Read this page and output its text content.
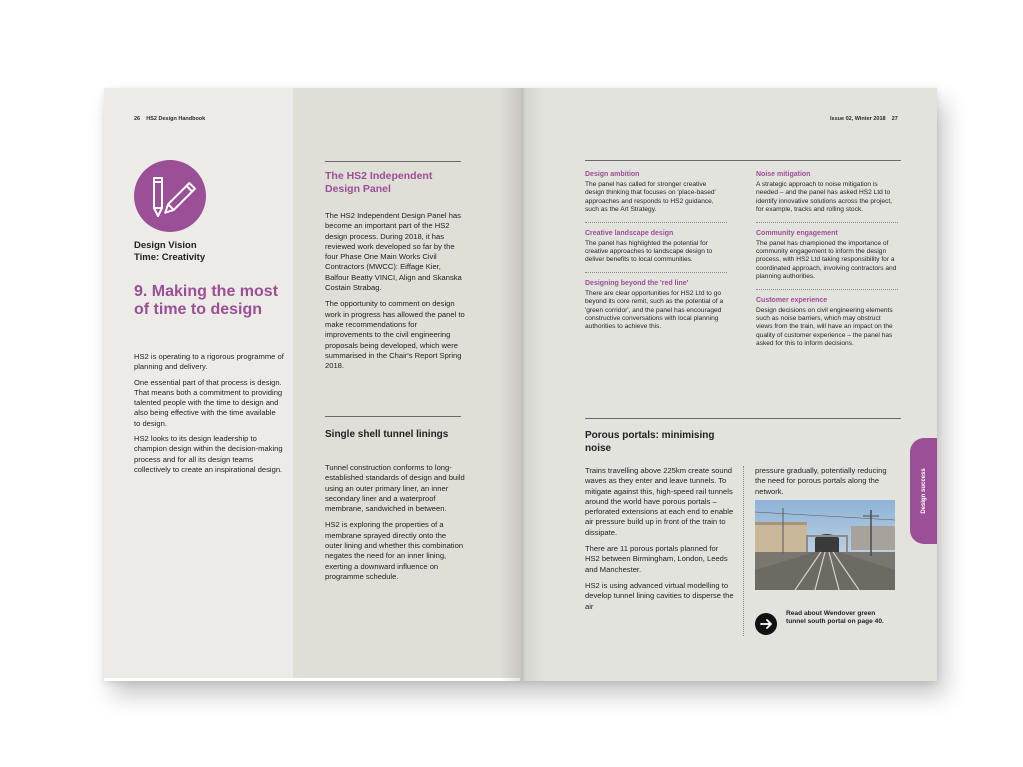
26 HS2 Design Handbook	Issue 02, Winter 2018 27
Design Vision
Time: Creativity
9. Making the most of time to design

HS2 is operating to a rigorous programme of planning and delivery.

One essential part of that process is design. That means both a commitment to providing talented people with the time to design and also being effective with the time available to design.

HS2 looks to its design leadership to champion design within the decision-making process and for all its design teams collectively to create an inspirational design.

The HS2 Independent Design Panel

The HS2 Independent Design Panel has become an important part of the HS2 design process. During 2018, it has reviewed work developed so far by the four Phase One Main Works Civil Contractors (MWCC): Eiffage Kier, Balfour Beatty VINCI, Align and Skanska Costain Strabag.

The opportunity to comment on design work in progress has allowed the panel to make recommendations for improvements to the civil engineering proposals being developed, which were summarised in the Chair's Report Spring 2018.

Single shell tunnel linings

Tunnel construction conforms to long-established standards of design and build using an outer primary liner, an inner secondary liner and a waterproof membrane, sandwiched in between.

HS2 is exploring the properties of a membrane sprayed directly onto the outer lining and whether this combination negates the need for an inner lining, exerting a downward influence on programme schedule.

Design ambition
The panel has called for stronger creative design thinking that focuses on 'place-based' approaches and responds to HS2 guidance, such as the Art Strategy.
Creative landscape design
The panel has highlighted the potential for creative approaches to landscape design to deliver benefits to local communities.
Designing beyond the 'red line'
There are clear opportunities for HS2 Ltd to go beyond its core remit, such as the potential of a 'green corridor', and the panel has encouraged constructive conversations with local planning authorities to achieve this.
Noise mitigation
A strategic approach to noise mitigation is needed – and the panel has asked HS2 Ltd to identify innovative solutions across the project, for example, tracks and rolling stock.
Community engagement
The panel has championed the importance of community engagement to inform the design process, with HS2 Ltd taking responsibility for a coordinated approach, involving contractors and planning authorities.
Customer experience
Design decisions on civil engineering elements such as noise barriers, which may obstruct views from the train, will have an impact on the quality of customer experience – the panel has asked for this to inform decisions.
Porous portals: minimising noise

Trains travelling above 225km create sound waves as they enter and leave tunnels. To mitigate against this, high-speed rail tunnels around the world have porous portals – perforated extensions at each end to enable air pressure build up in front of the train to dissipate.

There are 11 porous portals planned for HS2 between Birmingham, London, Leeds and Manchester.

HS2 is using advanced virtual modelling to develop tunnel lining cavities to disperse the air

pressure gradually, potentially reducing the need for porous portals along the network.
Read about Wendover green tunnel south portal on page 40.
Design success
